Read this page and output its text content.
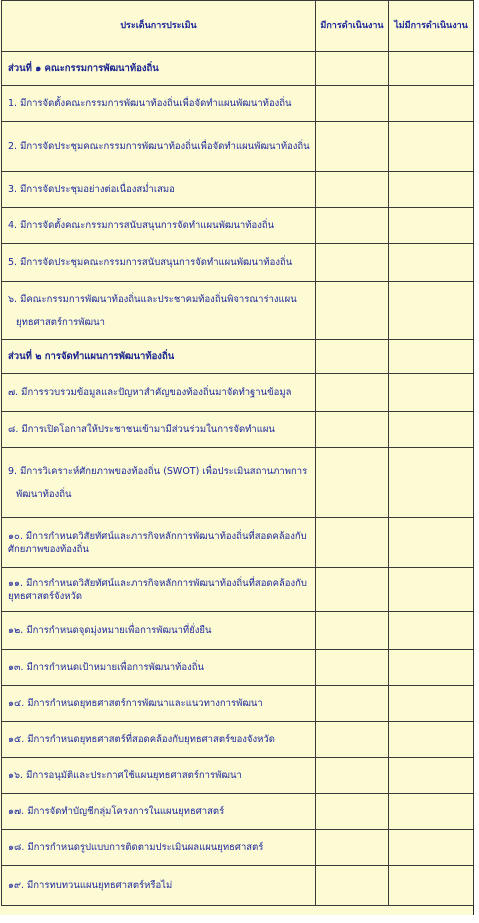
ประเด็นการประเมิน	มีการดำเนินงาน	ไม่มีการดำเนินงาน

ส่วนที่ ๑ คณะกรรมการพัฒนาท้องถิ่น		

1. มีการจัดตั้งคณะกรรมการพัฒนาท้องถิ่นเพื่อจัดทำแผนพัฒนาท้องถิ่น		

2. มีการจัดประชุมคณะกรรมการพัฒนาท้องถิ่นเพื่อจัดทำแผนพัฒนาท้องถิ่น		

3. มีการจัดประชุมอย่างต่อเนื่องสม่ำเสมอ		

4. มีการจัดตั้งคณะกรรมการสนับสนุนการจัดทำแผนพัฒนาท้องถิ่น		

5. มีการจัดประชุมคณะกรรมการสนับสนุนการจัดทำแผนพัฒนาท้องถิ่น		

๖. มีคณะกรรมการพัฒนาท้องถิ่นและประชาคมท้องถิ่นพิจารณาร่างแผน
ยุทธศาสตร์การพัฒนา		

ส่วนที่ ๒ การจัดทำแผนการพัฒนาท้องถิ่น		

๗. มีการรวบรวมข้อมูลและปัญหาสำคัญของท้องถิ่นมาจัดทำฐานข้อมูล		

๘. มีการเปิดโอกาสให้ประชาชนเข้ามามีส่วนร่วมในการจัดทำแผน		

9. มีการวิเคราะห์ศักยภาพของท้องถิ่น (SWOT) เพื่อประเมินสถานภาพการ
พัฒนาท้องถิ่น		

๑๐. มีการกำหนดวิสัยทัศน์และภารกิจหลักการพัฒนาท้องถิ่นที่สอดคล้องกับศักยภาพของท้องถิ่น		

๑๑. มีการกำหนดวิสัยทัศน์และภารกิจหลักการพัฒนาท้องถิ่นที่สอดคล้องกับยุทธศาสตร์จังหวัด		

๑๒. มีการกำหนดจุดมุ่งหมายเพื่อการพัฒนาที่ยั่งยืน		

๑๓. มีการกำหนดเป้าหมายเพื่อการพัฒนาท้องถิ่น		

๑๔. มีการกำหนดยุทธศาสตร์การพัฒนาและแนวทางการพัฒนา		

๑๕. มีการกำหนดยุทธศาสตร์ที่สอดคล้องกับยุทธศาสตร์ของจังหวัด		

๑๖. มีการอนุมัติและประกาศใช้แผนยุทธศาสตร์การพัฒนา		

๑๗. มีการจัดทำบัญชีกลุ่มโครงการในแผนยุทธศาสตร์		

๑๘. มีการกำหนดรูปแบบการติดตามประเมินผลแผนยุทธศาสตร์		

๑๙. มีการทบทวนแผนยุทธศาสตร์หรือไม่		
